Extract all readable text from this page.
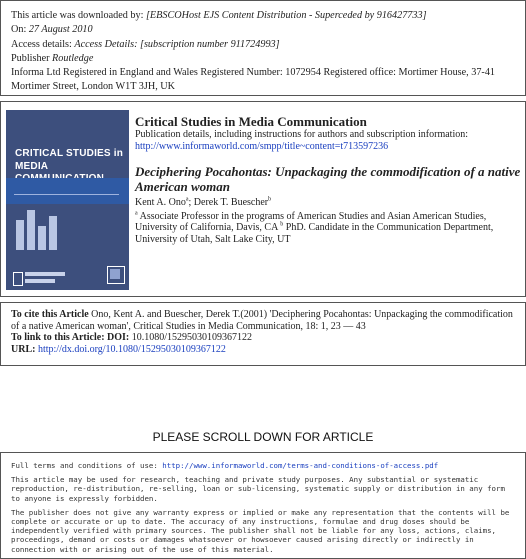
This article was downloaded by: [EBSCOHost EJS Content Distribution - Superceded by 916427733]
On: 27 August 2010
Access details: Access Details: [subscription number 911724993]
Publisher Routledge
Informa Ltd Registered in England and Wales Registered Number: 1072954 Registered office: Mortimer House, 37-41 Mortimer Street, London W1T 3JH, UK
CRITICAL STUDIES in
MEDIA
Critical Studies in Media Communication
Publication details, including instructions for authors and subscription information:
http://www.informaworld.com/smpp/title~content=t713597236
Deciphering Pocahontas: Unpackaging the commodification of a native American woman
Kent A. Ono$^a$; Derek T. Buescher$^b$
$^a$ Associate Professor in the programs of American Studies and Asian American Studies, University of California, Davis, CA $^b$ PhD. Candidate in the Communication Department, University of Utah, Salt Lake City, UT
To cite this Article Ono, Kent A. and Buescher, Derek T.(2001) 'Deciphering Pocahontas: Unpackaging the commodification of a native American woman', Critical Studies in Media Communication, 18: 1, 23 — 43
To link to this Article: DOI: 10.1080/15295030109367122
URL: http://dx.doi.org/10.1080/15295030109367122
PLEASE SCROLL DOWN FOR ARTICLE

Full terms and conditions of use: http://www.informaworld.com/terms-and-conditions-of-access.pdf

This article may be used for research, teaching and private study purposes. Any substantial or systematic reproduction, re-distribution, re-selling, loan or sub-licensing, systematic supply or distribution in any form to anyone is expressly forbidden.

The publisher does not give any warranty express or implied or make any representation that the contents will be complete or accurate or up to date. The accuracy of any instructions, formulae and drug doses should be independently verified with primary sources. The publisher shall not be liable for any loss, actions, claims, proceedings, demand or costs or damages whatsoever or howsoever caused arising directly or indirectly in connection with or arising out of the use of this material.
